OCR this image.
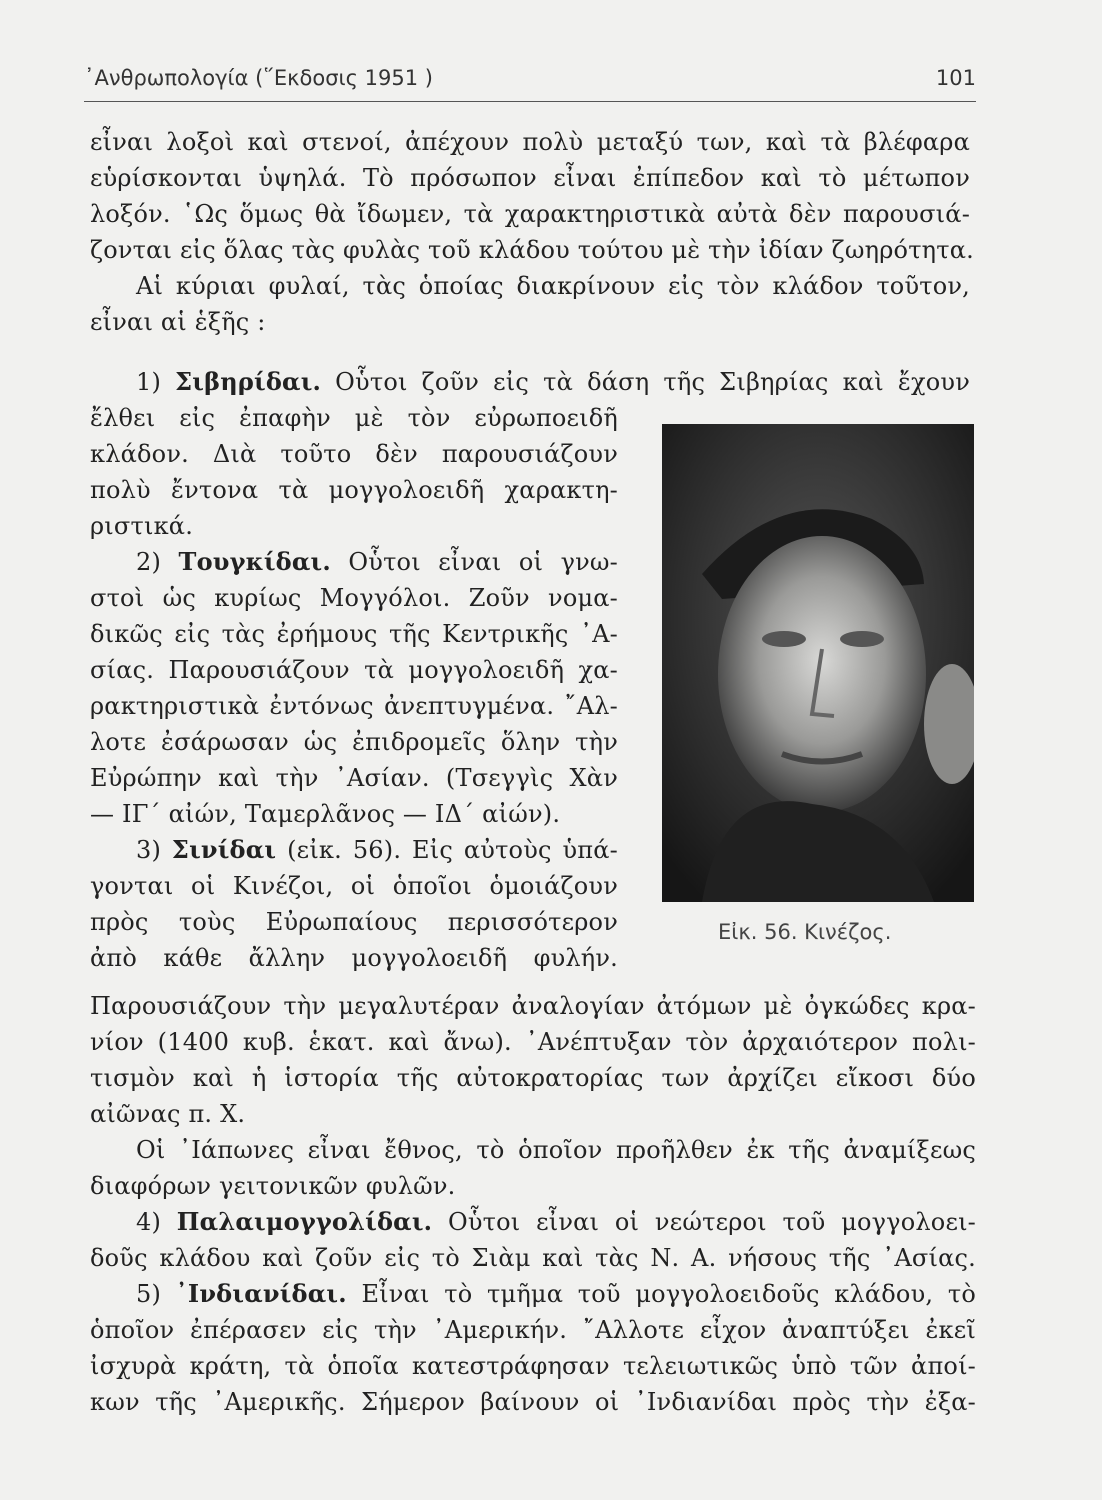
᾿Ανθρωπολογία (῞Εκδοσις 1951 )	101
εἶναι λοξοὶ καὶ στενοί, ἀπέχουν πολὺ μεταξύ των, καὶ τὰ βλέφαρα
εὑρίσκονται ὑψηλά. Τὸ πρόσωπον εἶναι ἐπίπεδον καὶ τὸ μέτωπον
λοξόν. ῾Ως ὅμως θὰ ἴδωμεν, τὰ χαρακτηριστικὰ αὐτὰ δὲν παρουσιά-
ζονται εἰς ὅλας τὰς φυλὰς τοῦ κλάδου τούτου μὲ τὴν ἰδίαν ζωηρότητα.
Αἱ κύριαι φυλαί, τὰς ὁποίας διακρίνουν εἰς τὸν κλάδον τοῦτον,
εἶναι αἱ ἑξῆς :
1) Σιβηρίδαι. Οὗτοι ζοῦν εἰς τὰ δάση τῆς Σιβηρίας καὶ ἔχουν
ἔλθει εἰς ἐπαφὴν μὲ τὸν εὐρωποειδῆ
κλάδον. Διὰ τοῦτο δὲν παρουσιάζουν
πολὺ ἔντονα τὰ μογγολοειδῆ χαρακτη-
ριστικά.
2) Τουγκίδαι. Οὗτοι εἶναι οἱ γνω-
στοὶ ὡς κυρίως Μογγόλοι. Ζοῦν νομα-
δικῶς εἰς τὰς ἐρήμους τῆς Κεντρικῆς ᾿Α-
σίας. Παρουσιάζουν τὰ μογγολοειδῆ χα-
ρακτηριστικὰ ἐντόνως ἀνεπτυγμένα. ῎Αλ-
λοτε ἐσάρωσαν ὡς ἐπιδρομεῖς ὅλην τὴν
Εὐρώπην καὶ τὴν ᾿Ασίαν. (Τσεγγὶς Χὰν
— ΙΓ΄ αἰών, Ταμερλᾶνος — ΙΔ΄ αἰών).
3) Σινίδαι (εἰκ. 56). Εἰς αὐτοὺς ὑπά-
γονται οἱ Κινέζοι, οἱ ὁποῖοι ὁμοιάζουν
πρὸς τοὺς Εὐρωπαίους περισσότερον
ἀπὸ κάθε ἄλλην μογγολοειδῆ φυλήν.
Εἰκ. 56. Κινέζος.
Παρουσιάζουν τὴν μεγαλυτέραν ἀναλογίαν ἀτόμων μὲ ὀγκώδες κρα-
νίον (1400 κυβ. ἑκατ. καὶ ἄνω). ᾿Ανέπτυξαν τὸν ἀρχαιότερον πολι-
τισμὸν καὶ ἡ ἱστορία τῆς αὐτοκρατορίας των ἀρχίζει εἴκοσι δύο
αἰῶνας π. Χ.
Οἱ ᾿Ιάπωνες εἶναι ἔθνος, τὸ ὁποῖον προῆλθεν ἐκ τῆς ἀναμίξεως
διαφόρων γειτονικῶν φυλῶν.
4) Παλαιμογγολίδαι. Οὗτοι εἶναι οἱ νεώτεροι τοῦ μογγολοει-
δοῦς κλάδου καὶ ζοῦν εἰς τὸ Σιὰμ καὶ τὰς Ν. Α. νήσους τῆς ᾿Ασίας.
5) ᾿Ινδιανίδαι. Εἶναι τὸ τμῆμα τοῦ μογγολοειδοῦς κλάδου, τὸ
ὁποῖον ἐπέρασεν εἰς τὴν ᾿Αμερικήν. ῎Αλλοτε εἶχον ἀναπτύξει ἐκεῖ
ἰσχυρὰ κράτη, τὰ ὁποῖα κατεστράφησαν τελειωτικῶς ὑπὸ τῶν ἀποί-
κων τῆς ᾿Αμερικῆς. Σήμερον βαίνουν οἱ ᾿Ινδιανίδαι πρὸς τὴν ἐξα-
